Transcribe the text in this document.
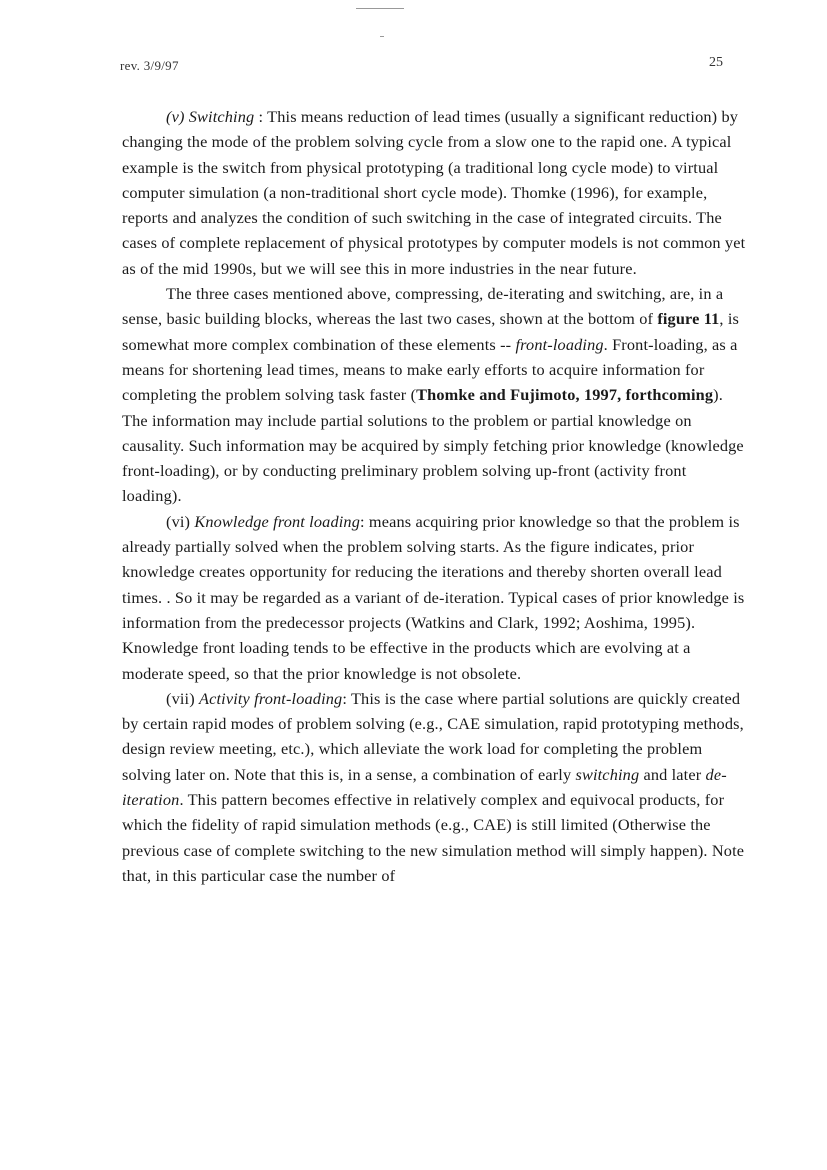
rev. 3/9/97	25

(v) Switching : This means reduction of lead times (usually a significant reduction) by changing the mode of the problem solving cycle from a slow one to the rapid one. A typical example is the switch from physical prototyping (a traditional long cycle mode) to virtual computer simulation (a non-traditional short cycle mode). Thomke (1996), for example, reports and analyzes the condition of such switching in the case of integrated circuits. The cases of complete replacement of physical prototypes by computer models is not common yet as of the mid 1990s, but we will see this in more industries in the near future.

The three cases mentioned above, compressing, de-iterating and switching, are, in a sense, basic building blocks, whereas the last two cases, shown at the bottom of figure 11, is somewhat more complex combination of these elements -- front-loading. Front-loading, as a means for shortening lead times, means to make early efforts to acquire information for completing the problem solving task faster (Thomke and Fujimoto, 1997, forthcoming). The information may include partial solutions to the problem or partial knowledge on causality. Such information may be acquired by simply fetching prior knowledge (knowledge front-loading), or by conducting preliminary problem solving up-front (activity front loading).

(vi) Knowledge front loading: means acquiring prior knowledge so that the problem is already partially solved when the problem solving starts. As the figure indicates, prior knowledge creates opportunity for reducing the iterations and thereby shorten overall lead times. . So it may be regarded as a variant of de-iteration. Typical cases of prior knowledge is information from the predecessor projects (Watkins and Clark, 1992; Aoshima, 1995). Knowledge front loading tends to be effective in the products which are evolving at a moderate speed, so that the prior knowledge is not obsolete.

(vii) Activity front-loading: This is the case where partial solutions are quickly created by certain rapid modes of problem solving (e.g., CAE simulation, rapid prototyping methods, design review meeting, etc.), which alleviate the work load for completing the problem solving later on. Note that this is, in a sense, a combination of early switching and later de-iteration. This pattern becomes effective in relatively complex and equivocal products, for which the fidelity of rapid simulation methods (e.g., CAE) is still limited (Otherwise the previous case of complete switching to the new simulation method will simply happen). Note that, in this particular case the number of
